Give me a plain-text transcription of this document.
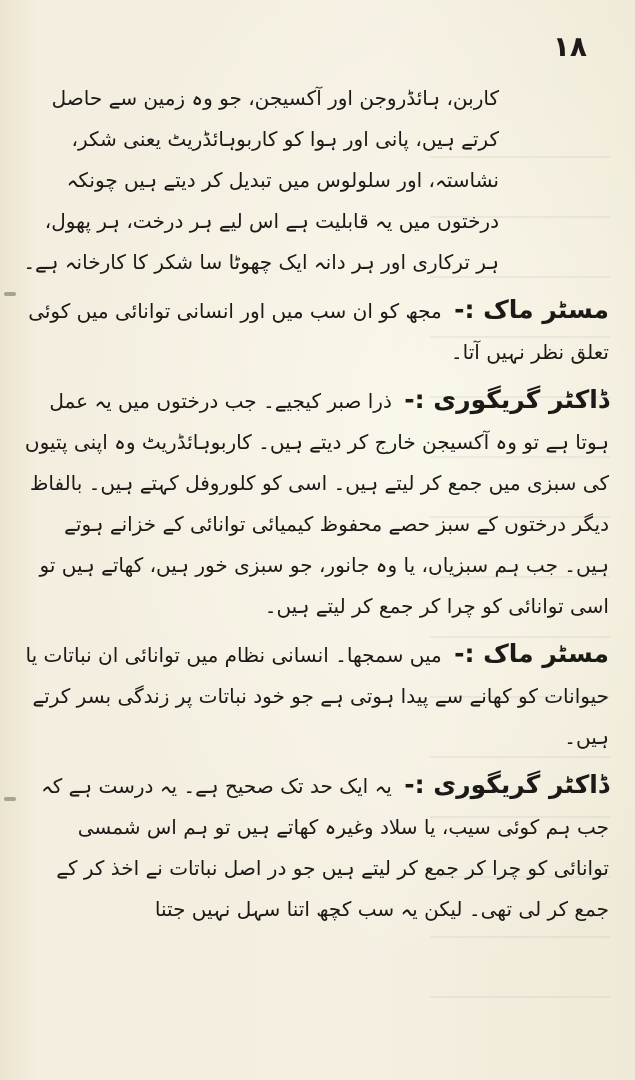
۱۸

کاربن، ہائڈروجن اور آکسیجن، جو وہ زمین سے حاصل کرتے ہیں، پانی اور ہوا کو کاربوہائڈریٹ یعنی شکر، نشاستہ، اور سلولوس میں تبدیل کر دیتے ہیں چونکہ درختوں میں یہ قابلیت ہے اس لیے ہر درخت، ہر پھول، ہر ترکاری اور ہر دانہ ایک چھوٹا سا شکر کا کارخانہ ہے۔

مسٹر ماک :- مجھ کو ان سب میں اور انسانی توانائی میں کوئی تعلق نظر نہیں آتا۔

ڈاکٹر گریگوری :- ذرا صبر کیجیے۔ جب درختوں میں یہ عمل ہوتا ہے تو وہ آکسیجن خارج کر دیتے ہیں۔ کاربوہائڈریٹ وہ اپنی پتیوں کی سبزی میں جمع کر لیتے ہیں۔ اسی کو کلوروفل کہتے ہیں۔ بالفاظ دیگر درختوں کے سبز حصے محفوظ کیمیائی توانائی کے خزانے ہوتے ہیں۔ جب ہم سبزیاں، یا وہ جانور، جو سبزی خور ہیں، کھاتے ہیں تو اسی توانائی کو چرا کر جمع کر لیتے ہیں۔

مسٹر ماک :- میں سمجھا۔ انسانی نظام میں توانائی ان نباتات یا حیوانات کو کھانے سے پیدا ہوتی ہے جو خود نباتات پر زندگی بسر کرتے ہیں۔

ڈاکٹر گریگوری :- یہ ایک حد تک صحیح ہے۔ یہ درست ہے کہ جب ہم کوئی سیب، یا سلاد وغیرہ کھاتے ہیں تو ہم اس شمسی توانائی کو چرا کر جمع کر لیتے ہیں جو در اصل نباتات نے اخذ کر کے جمع کر لی تھی۔ لیکن یہ سب کچھ اتنا سہل نہیں جتنا
